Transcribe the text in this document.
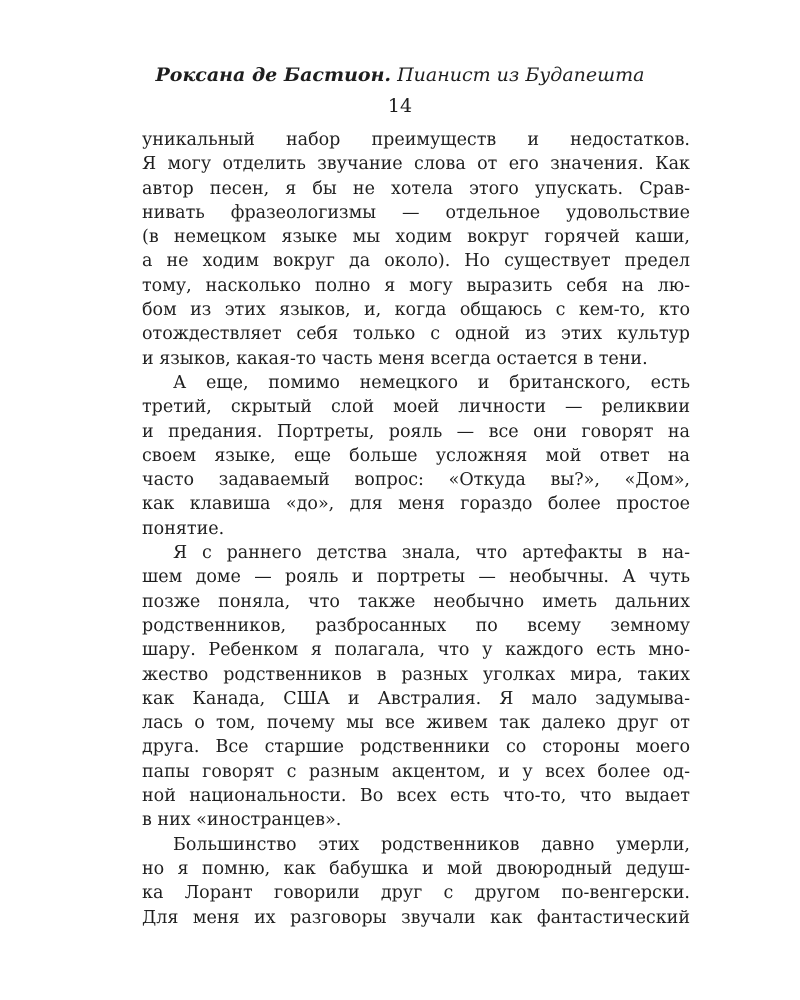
Роксана де Бастион. Пианист из Будапешта
14
уникальный набор преимуществ и недостатков.
Я могу отделить звучание слова от его значения. Как
автор песен, я бы не хотела этого упускать. Срав-
нивать фразеологизмы — отдельное удовольствие
(в немецком языке мы ходим вокруг горячей каши,
а не ходим вокруг да около). Но существует предел
тому, насколько полно я могу выразить себя на лю-
бом из этих языков, и, когда общаюсь с кем-то, кто
отождествляет себя только с одной из этих культур
и языков, какая-то часть меня всегда остается в тени.
А еще, помимо немецкого и британского, есть
третий, скрытый слой моей личности — реликвии
и предания. Портреты, рояль — все они говорят на
своем языке, еще больше усложняя мой ответ на
часто задаваемый вопрос: «Откуда вы?», «Дом»,
как клавиша «до», для меня гораздо более простое
понятие.
Я с раннего детства знала, что артефакты в на-
шем доме — рояль и портреты — необычны. А чуть
позже поняла, что также необычно иметь дальних
родственников, разбросанных по всему земному
шару. Ребенком я полагала, что у каждого есть мно-
жество родственников в разных уголках мира, таких
как Канада, США и Австралия. Я мало задумыва-
лась о том, почему мы все живем так далеко друг от
друга. Все старшие родственники со стороны моего
папы говорят с разным акцентом, и у всех более од-
ной национальности. Во всех есть что-то, что выдает
в них «иностранцев».
Большинство этих родственников давно умерли,
но я помню, как бабушка и мой двоюродный дедуш-
ка Лорант говорили друг с другом по-венгерски.
Для меня их разговоры звучали как фантастический
